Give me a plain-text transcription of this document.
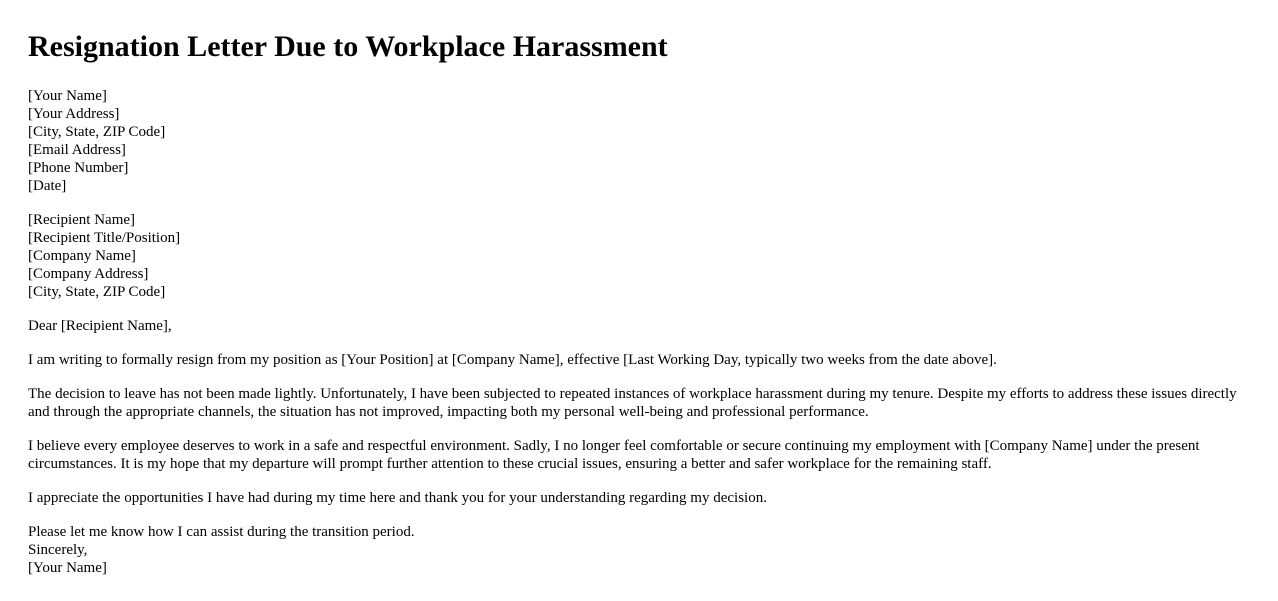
Resignation Letter Due to Workplace Harassment
[Your Name]
[Your Address]
[City, State, ZIP Code]
[Email Address]
[Phone Number]
[Date]
[Recipient Name]
[Recipient Title/Position]
[Company Name]
[Company Address]
[City, State, ZIP Code]

Dear [Recipient Name],

I am writing to formally resign from my position as [Your Position] at [Company Name], effective [Last Working Day, typically two weeks from the date above].

The decision to leave has not been made lightly. Unfortunately, I have been subjected to repeated instances of workplace harassment during my tenure. Despite my efforts to address these issues directly and through the appropriate channels, the situation has not improved, impacting both my personal well-being and professional performance.

I believe every employee deserves to work in a safe and respectful environment. Sadly, I no longer feel comfortable or secure continuing my employment with [Company Name] under the present circumstances. It is my hope that my departure will prompt further attention to these crucial issues, ensuring a better and safer workplace for the remaining staff.

I appreciate the opportunities I have had during my time here and thank you for your understanding regarding my decision.

Please let me know how I can assist during the transition period.
Sincerely,
[Your Name]
